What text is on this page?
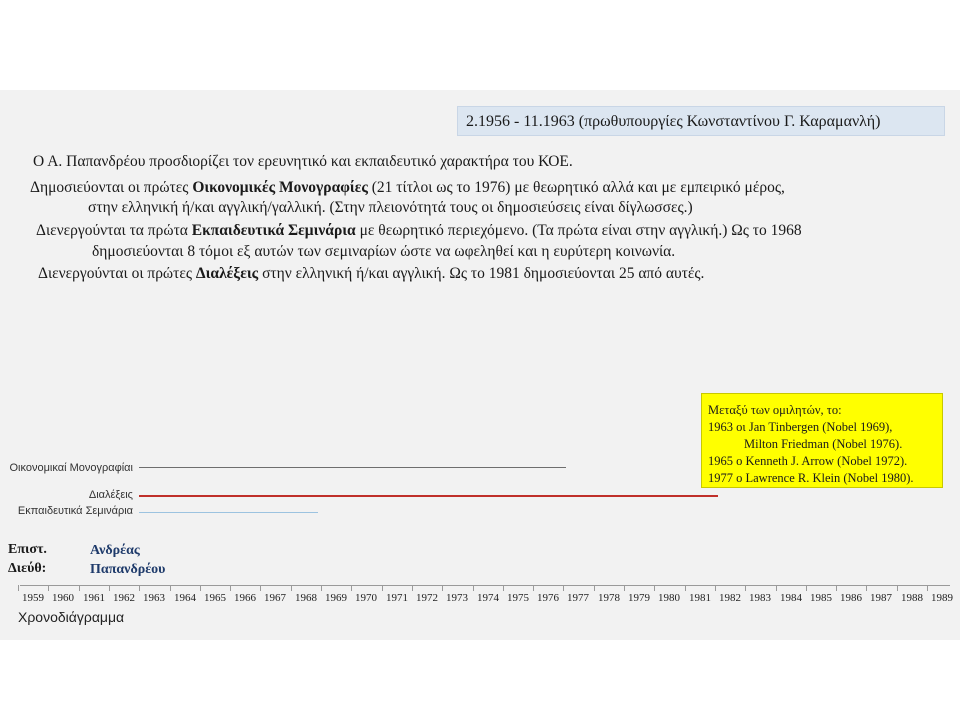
2.1956 - 11.1963 (πρωθυπουργίες Κωνσταντίνου Γ. Καραμανλή)
Ο Α. Παπανδρέου προσδιορίζει τον ερευνητικό και εκπαιδευτικό χαρακτήρα του ΚΟΕ.
Δημοσιεύονται οι πρώτες Οικονομικές Μονογραφίες (21 τίτλοι ως το 1976) με θεωρητικό αλλά και με εμπειρικό μέρος,
στην ελληνική ή/και αγγλική/γαλλική. (Στην πλειονότητά τους οι δημοσιεύσεις είναι δίγλωσσες.)
Διενεργούνται τα πρώτα Εκπαιδευτικά Σεμινάρια με θεωρητικό περιεχόμενο. (Τα πρώτα είναι στην αγγλική.) Ως το 1968
δημοσιεύονται 8 τόμοι εξ αυτών των σεμιναρίων ώστε να ωφεληθεί και η ευρύτερη κοινωνία.
Διενεργούνται οι πρώτες Διαλέξεις στην ελληνική ή/και αγγλική. Ως το 1981 δημοσιεύονται 25 από αυτές.
Μεταξύ των ομιλητών, το:
1963 οι Jan Tinbergen (Nobel 1969),
Milton Friedman (Nobel 1976).
1965 ο Kenneth J. Arrow (Nobel 1972).
1977 ο Lawrence R. Klein (Nobel 1980).
Οικονομικαί Μονογραφίαι
Διαλέξεις
Εκπαιδευτικά Σεμινάρια
Επιστ.
Διεύθ:
Ανδρέας
Παπανδρέου
1959 1960 1961 1962 1963 1964 1965 1966 1967 1968 1969 1970 1971 1972 1973 1974 1975 1976 1977 1978 1979 1980 1981 1982 1983 1984 1985 1986 1987 1988 1989
Χρονοδιάγραμμα
